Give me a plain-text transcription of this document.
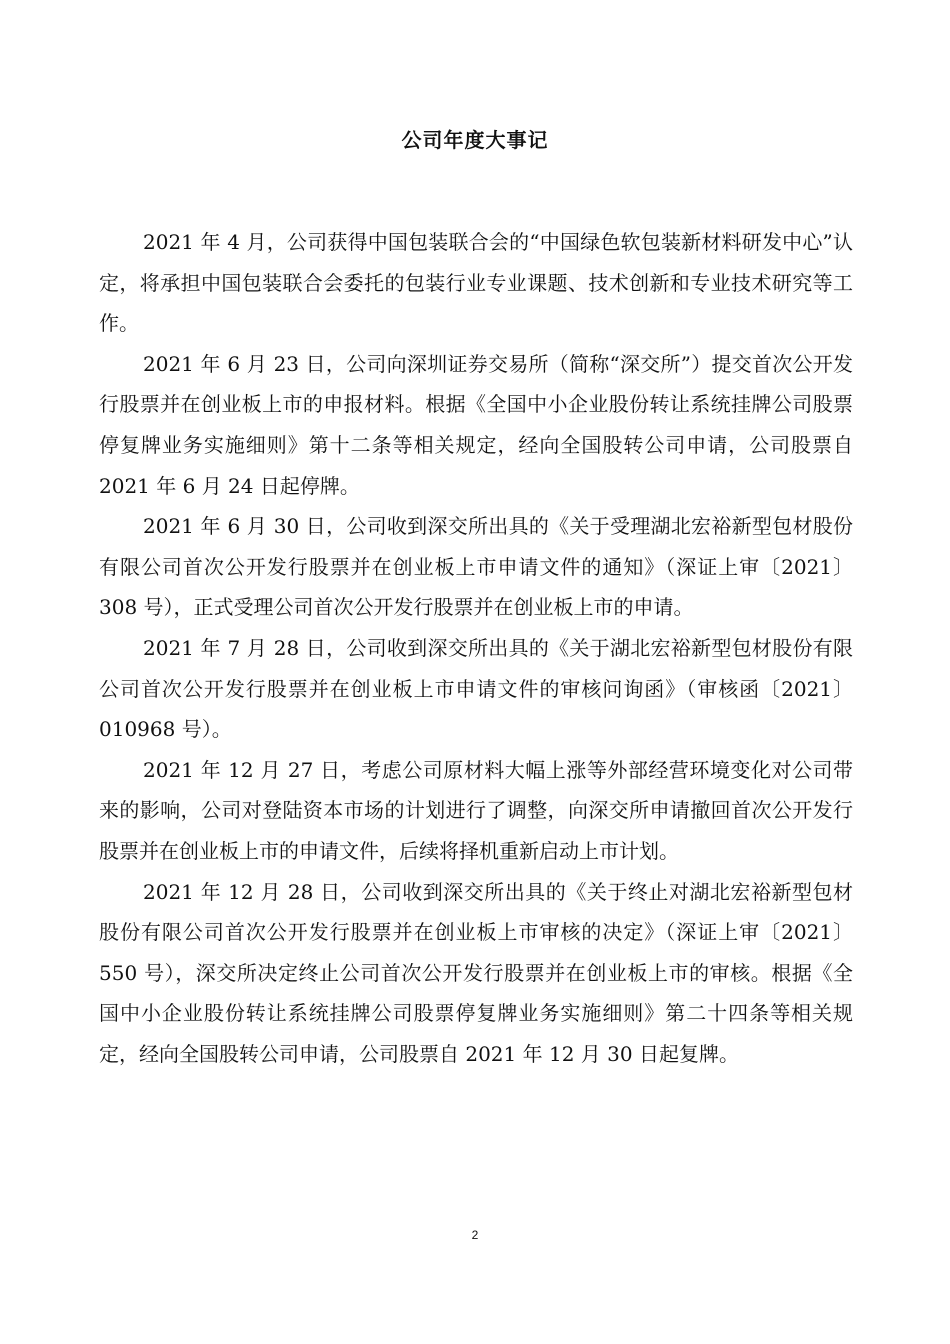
公司年度大事记

2021 年 4 月，公司获得中国包装联合会的“中国绿色软包装新材料研发中心”认定，将承担中国包装联合会委托的包装行业专业课题、技术创新和专业技术研究等工作。

2021 年 6 月 23 日，公司向深圳证券交易所（简称“深交所”）提交首次公开发行股票并在创业板上市的申报材料。根据《全国中小企业股份转让系统挂牌公司股票停复牌业务实施细则》第十二条等相关规定，经向全国股转公司申请，公司股票自 2021 年 6 月 24 日起停牌。

2021 年 6 月 30 日，公司收到深交所出具的《关于受理湖北宏裕新型包材股份有限公司首次公开发行股票并在创业板上市申请文件的通知》（深证上审〔2021〕308 号），正式受理公司首次公开发行股票并在创业板上市的申请。

2021 年 7 月 28 日，公司收到深交所出具的《关于湖北宏裕新型包材股份有限公司首次公开发行股票并在创业板上市申请文件的审核问询函》（审核函〔2021〕010968 号）。

2021 年 12 月 27 日，考虑公司原材料大幅上涨等外部经营环境变化对公司带来的影响，公司对登陆资本市场的计划进行了调整，向深交所申请撤回首次公开发行股票并在创业板上市的申请文件，后续将择机重新启动上市计划。

2021 年 12 月 28 日，公司收到深交所出具的《关于终止对湖北宏裕新型包材股份有限公司首次公开发行股票并在创业板上市审核的决定》（深证上审〔2021〕550 号），深交所决定终止公司首次公开发行股票并在创业板上市的审核。根据《全国中小企业股份转让系统挂牌公司股票停复牌业务实施细则》第二十四条等相关规定，经向全国股转公司申请，公司股票自 2021 年 12 月 30 日起复牌。

2
